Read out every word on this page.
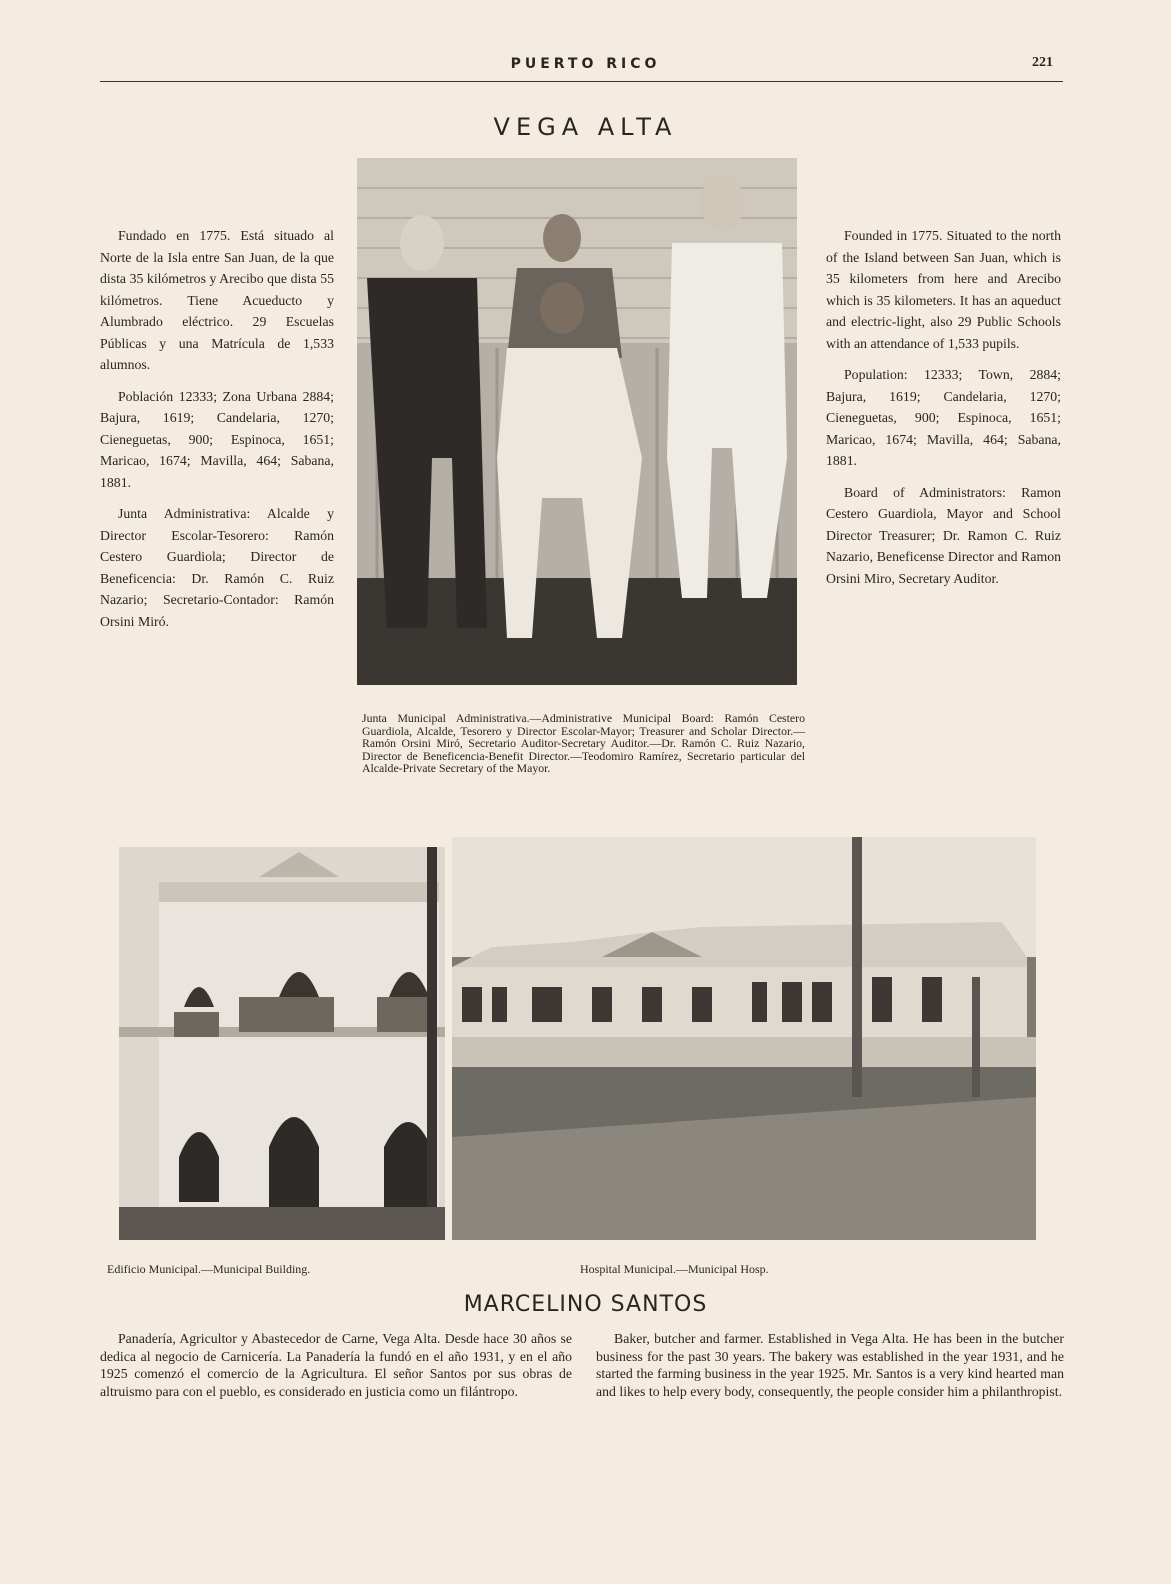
PUERTO RICO	221
VEGA ALTA

Fundado en 1775. Está situado al Norte de la Isla entre San Juan, de la que dista 35 kilómetros y Arecibo que dista 55 kilómetros. Tiene Acueducto y Alumbrado eléctrico. 29 Escuelas Públicas y una Matrícula de 1,533 alumnos.

Población 12333; Zona Urbana 2884; Bajura, 1619; Candelaria, 1270; Cieneguetas, 900; Espinoca, 1651; Maricao, 1674; Mavilla, 464; Sabana, 1881.

Junta Administrativa: Alcalde y Director Escolar-Tesorero: Ramón Cestero Guardiola; Director de Beneficencia: Dr. Ramón C. Ruiz Nazario; Secretario-Contador: Ramón Orsini Miró.

Founded in 1775. Situated to the north of the Island between San Juan, which is 35 kilometers from here and Arecibo which is 35 kilometers. It has an aqueduct and electric-light, also 29 Public Schools with an attendance of 1,533 pupils.

Population: 12333; Town, 2884; Bajura, 1619; Candelaria, 1270; Cieneguetas, 900; Espinoca, 1651; Maricao, 1674; Mavilla, 464; Sabana, 1881.

Board of Administrators: Ramon Cestero Guardiola, Mayor and School Director Treasurer; Dr. Ramon C. Ruiz Nazario, Beneficense Director and Ramon Orsini Miro, Secretary Auditor.

Junta Municipal Administrativa.—Administrative Municipal Board: Ramón Cestero Guardiola, Alcalde, Tesorero y Director Escolar-Mayor; Treasurer and Scholar Director.—Ramón Orsini Miró, Secretario Auditor-Secretary Auditor.—Dr. Ramón C. Ruiz Nazario, Director de Beneficencia-Benefit Director.—Teodomiro Ramírez, Secretario particular del Alcalde-Private Secretary of the Mayor.
Edificio Municipal.—Municipal Building.	Hospital Municipal.—Municipal Hosp.
MARCELINO SANTOS

Panadería, Agricultor y Abastecedor de Carne, Vega Alta. Desde hace 30 años se dedica al negocio de Carnicería. La Panadería la fundó en el año 1931, y en el año 1925 comenzó el comercio de la Agricultura. El señor Santos por sus obras de altruismo para con el pueblo, es considerado en justicia como un filántropo.

Baker, butcher and farmer. Established in Vega Alta. He has been in the butcher business for the past 30 years. The bakery was established in the year 1931, and he started the farming business in the year 1925. Mr. Santos is a very kind hearted man and likes to help every body, consequently, the people consider him a philanthropist.
